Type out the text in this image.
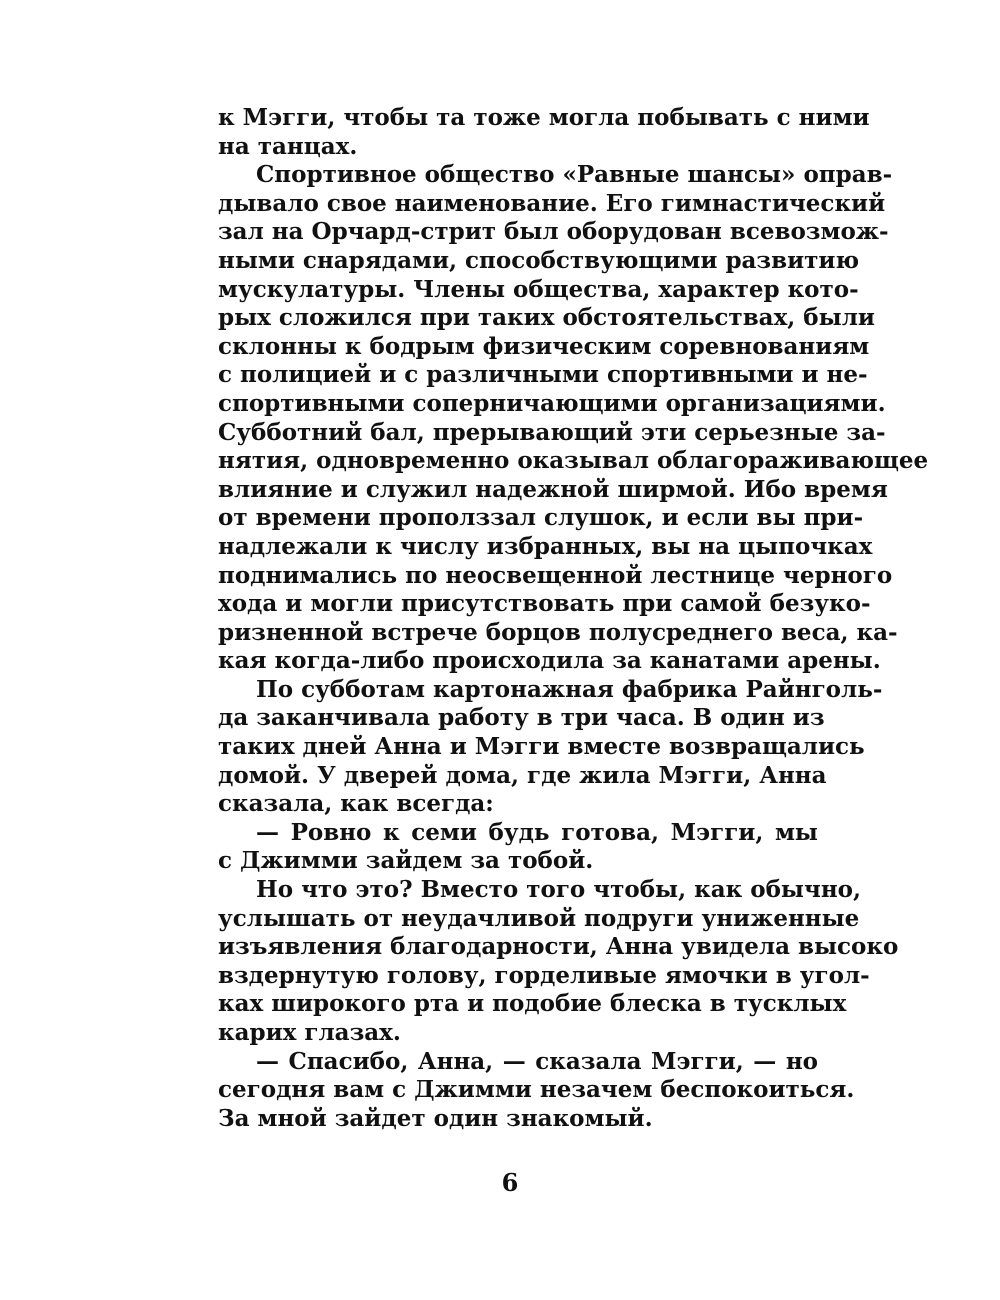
к Мэгги, чтобы та тоже могла побывать с ними
на танцах.
Спортивное общество «Равные шансы» оправ-
дывало свое наименование. Его гимнастический
зал на Орчард-стрит был оборудован всевозмож-
ными снарядами, способствующими развитию
мускулатуры. Члены общества, характер кото-
рых сложился при таких обстоятельствах, были
склонны к бодрым физическим соревнованиям
с полицией и с различными спортивными и не-
спортивными соперничающими организациями.
Субботний бал, прерывающий эти серьезные за-
нятия, одновременно оказывал облагораживающее
влияние и служил надежной ширмой. Ибо время
от времени прополззал слушок, и если вы при-
надлежали к числу избранных, вы на цыпочках
поднимались по неосвещенной лестнице черного
хода и могли присутствовать при самой безуко-
ризненной встрече борцов полусреднего веса, ка-
кая когда-либо происходила за канатами арены.
По субботам картонажная фабрика Райнголь-
да заканчивала работу в три часа. В один из
таких дней Анна и Мэгги вместе возвращались
домой. У дверей дома, где жила Мэгги, Анна
сказала, как всегда:
— Ровно к семи будь готова, Мэгги, мы
с Джимми зайдем за тобой.
Но что это? Вместо того чтобы, как обычно,
услышать от неудачливой подруги униженные
изъявления благодарности, Анна увидела высоко
вздернутую голову, горделивые ямочки в угол-
ках широкого рта и подобие блеска в тусклых
карих глазах.
— Спасибо, Анна, — сказала Мэгги, — но
сегодня вам с Джимми незачем беспокоиться.
За мной зайдет один знакомый.
6
